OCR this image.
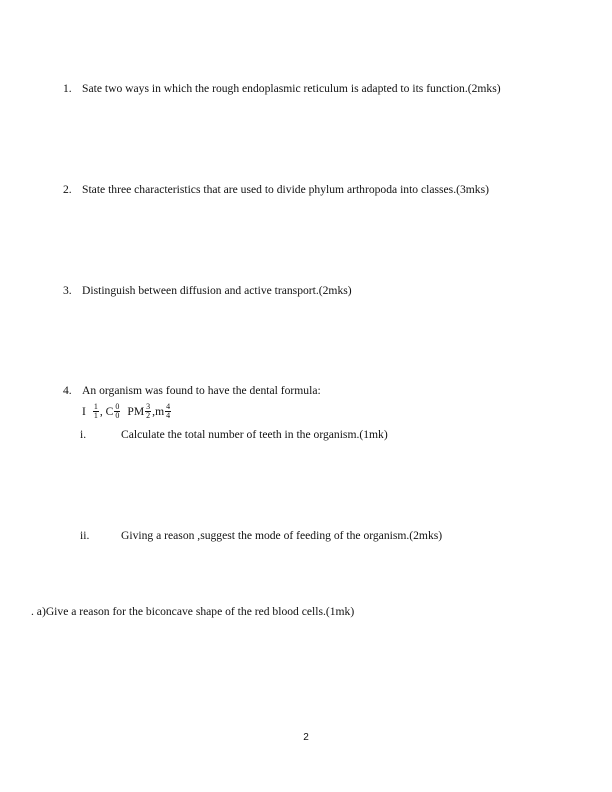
1. Sate two ways in which the rough endoplasmic reticulum is adapted to its function.(2mks)
2. State three characteristics that are used to divide phylum arthropoda into classes.(3mks)
3. Distinguish between diffusion and active transport.(2mks)
4. An organism was found to have the dental formula:
I $\frac{1}{1}$ , C $\frac{0}{0}$ PM $\frac{3}{2} ,m \frac{4}{4}$
i.	Calculate the total number of teeth in the organism.(1mk)
ii.	Giving a reason ,suggest the mode of feeding of the organism.(2mks)
. a)Give a reason for the biconcave shape of the red blood cells.(1mk)
2
